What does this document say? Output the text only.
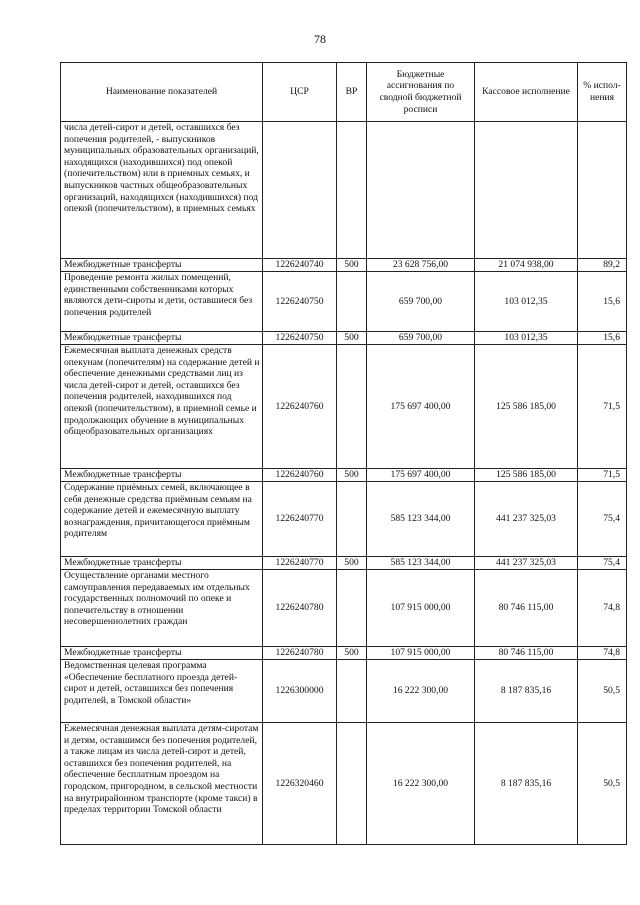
78
Наименование показателей	ЦСР	ВР	Бюджетные ассигнования по сводной бюджетной росписи	Кассовое исполнение	% испол-нения
числа детей-сирот и детей, оставшихся без попечения родителей, - выпускников муниципальных образовательных организаций, находящихся (находившихся) под опекой (попечительством) или в приемных семьях, и выпускников частных общеобразовательных организаций, находящихся (находившихся) под опекой (попечительством), в приемных семьях					
Межбюджетные трансферты	1226240740	500	23 628 756,00	21 074 938,00	89,2
Проведение ремонта жилых помещений, единственными собственниками которых являются дети-сироты и дети, оставшиеся без попечения родителей	1226240750		659 700,00	103 012,35	15,6
Межбюджетные трансферты	1226240750	500	659 700,00	103 012,35	15,6
Ежемесячная выплата денежных средств опекунам (попечителям) на содержание детей и обеспечение денежными средствами лиц из числа детей-сирот и детей, оставшихся без попечения родителей, находившихся под опекой (попечительством), в приемной семье и продолжающих обучение в муниципальных общеобразовательных организациях	1226240760		175 697 400,00	125 586 185,00	71,5
Межбюджетные трансферты	1226240760	500	175 697 400,00	125 586 185,00	71,5
Содержание приёмных семей, включающее в себя денежные средства приёмным семьям на содержание детей и ежемесячную выплату вознаграждения, причитающегося приёмным родителям	1226240770		585 123 344,00	441 237 325,03	75,4
Межбюджетные трансферты	1226240770	500	585 123 344,00	441 237 325,03	75,4
Осуществление органами местного самоуправления передаваемых им отдельных государственных полномочий по опеке и попечительству в отношении несовершеннолетних граждан	1226240780		107 915 000,00	80 746 115,00	74,8
Межбюджетные трансферты	1226240780	500	107 915 000,00	80 746 115,00	74,8
Ведомственная целевая программа «Обеспечение бесплатного проезда детей-сирот и детей, оставшихся без попечения родителей, в Томской области»	1226300000		16 222 300,00	8 187 835,16	50,5
Ежемесячная денежная выплата детям-сиротам и детям, оставшимся без попечения родителей, а также лицам из числа детей-сирот и детей, оставшихся без попечения родителей, на обеспечение бесплатным проездом на городском, пригородном, в сельской местности на внутрирайонном транспорте (кроме такси) в пределах территории Томской области	1226320460		16 222 300,00	8 187 835,16	50,5
